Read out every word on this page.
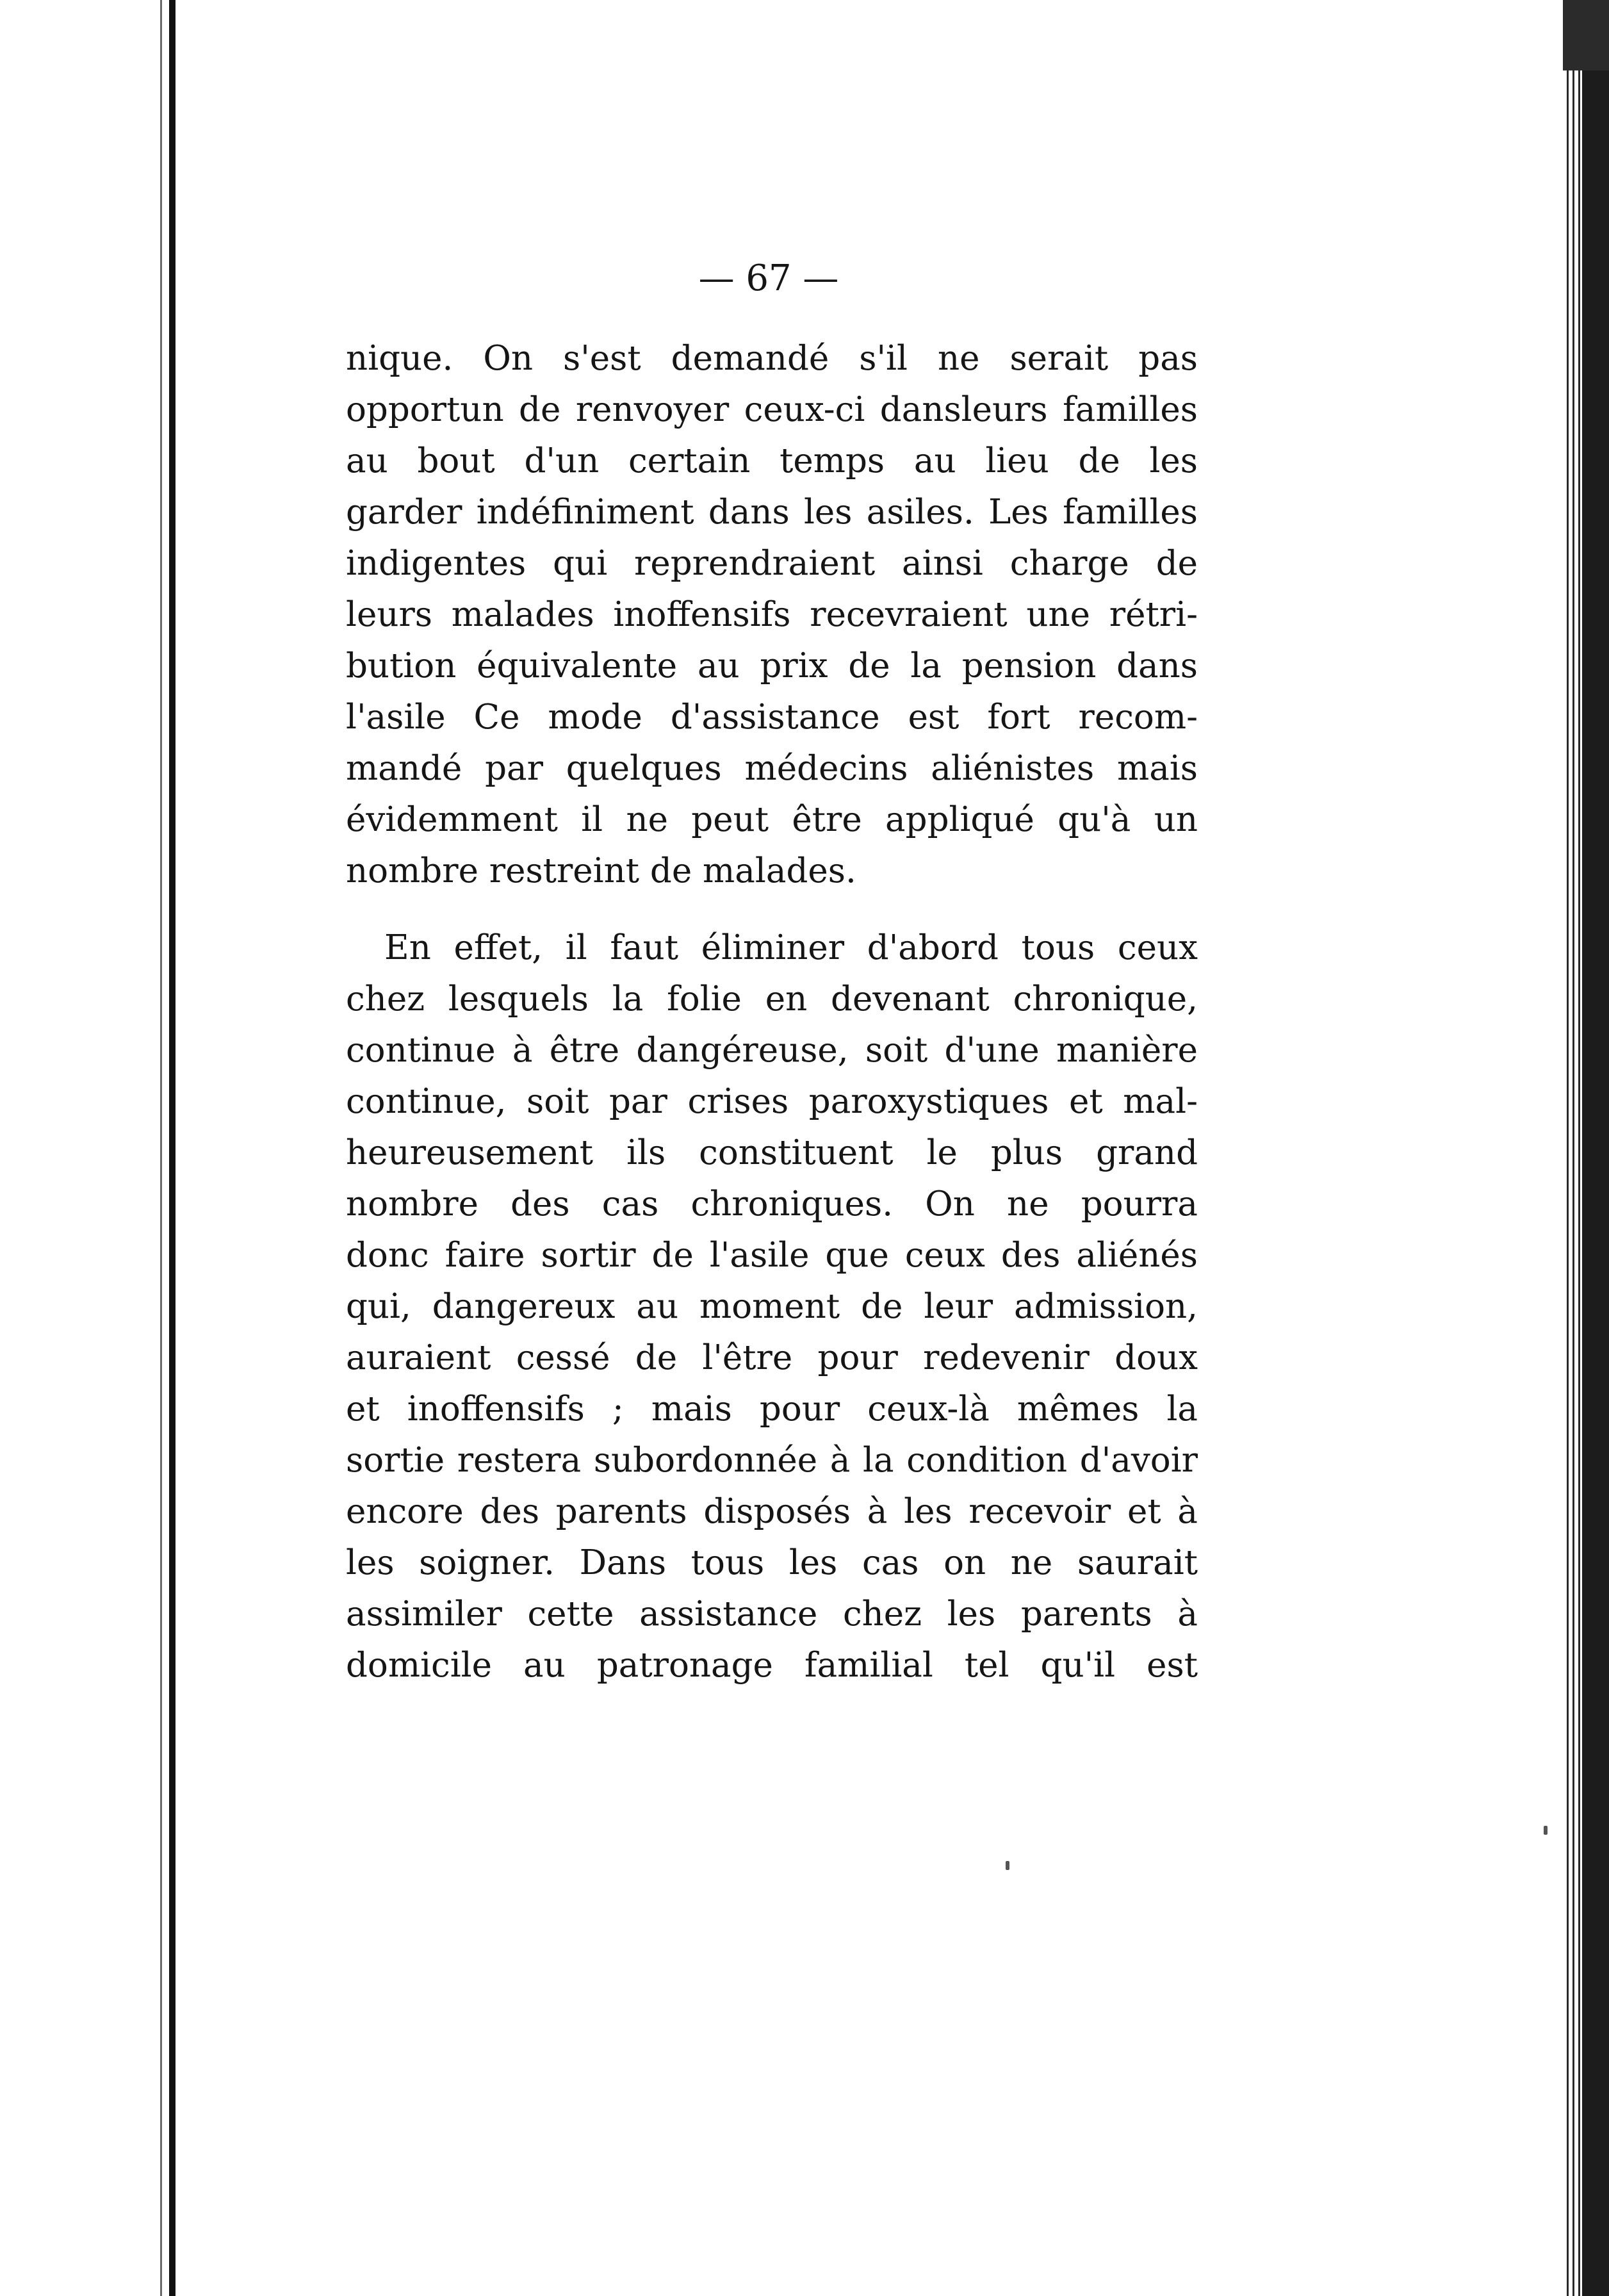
— 67 —
nique. On s'est demandé s'il ne serait pas
opportun de renvoyer ceux-ci dansleurs familles
au bout d'un certain temps au lieu de les
garder indéfiniment dans les asiles. Les familles
indigentes qui reprendraient ainsi charge de
leurs malades inoffensifs recevraient une rétri-
bution équivalente au prix de la pension dans
l'asile Ce mode d'assistance est fort recom-
mandé par quelques médecins aliénistes mais
évidemment il ne peut être appliqué qu'à un
nombre restreint de malades.
En effet, il faut éliminer d'abord tous ceux
chez lesquels la folie en devenant chronique,
continue à être dangéreuse, soit d'une manière
continue, soit par crises paroxystiques et mal-
heureusement ils constituent le plus grand
nombre des cas chroniques. On ne pourra
donc faire sortir de l'asile que ceux des aliénés
qui, dangereux au moment de leur admission,
auraient cessé de l'être pour redevenir doux
et inoffensifs ; mais pour ceux-là mêmes la
sortie restera subordonnée à la condition d'avoir
encore des parents disposés à les recevoir et à
les soigner. Dans tous les cas on ne saurait
assimiler cette assistance chez les parents à
domicile au patronage familial tel qu'il est
